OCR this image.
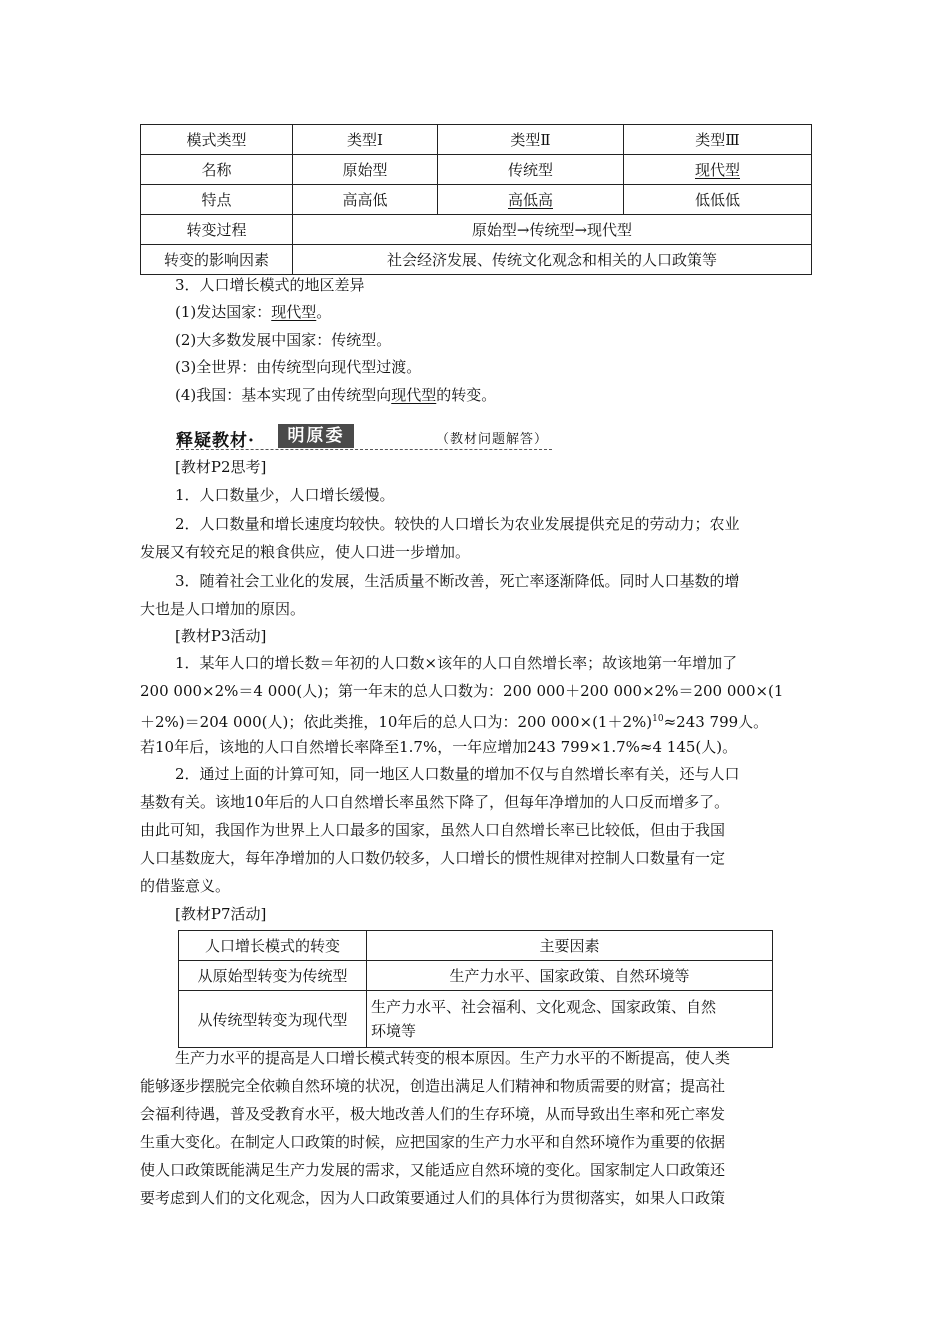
模式类型	类型Ⅰ	类型Ⅱ	类型Ⅲ
名称	原始型	传统型	现代型
特点	高高低	高低高	低低低
转变过程	原始型→传统型→现代型		
转变的影响因素	社会经济发展、传统文化观念和相关的人口政策等		
3．人口增长模式的地区差异
(1)发达国家：现代型。
(2)大多数发展中国家：传统型。
(3)全世界：由传统型向现代型过渡。
(4)我国：基本实现了由传统型向现代型的转变。
释疑教材·	明原委	（教材问题解答）
[教材P2思考]
1．人口数量少，人口增长缓慢。
2．人口数量和增长速度均较快。较快的人口增长为农业发展提供充足的劳动力；农业
发展又有较充足的粮食供应，使人口进一步增加。
3．随着社会工业化的发展，生活质量不断改善，死亡率逐渐降低。同时人口基数的增
大也是人口增加的原因。
[教材P3活动]
1．某年人口的增长数＝年初的人口数×该年的人口自然增长率；故该地第一年增加了
200 000×2%＝4 000(人)；第一年末的总人口数为：200 000＋200 000×2%＝200 000×(1
＋2%)＝204 000(人)；依此类推，10年后的总人口为：200 $000\times(1+2\%)^{10}\approx 243$ 799人。
若10年后，该地的人口自然增长率降至1.7%，一年应增加243 799×1.7%≈4 145(人)。
2．通过上面的计算可知，同一地区人口数量的增加不仅与自然增长率有关，还与人口
基数有关。该地10年后的人口自然增长率虽然下降了，但每年净增加的人口反而增多了。
由此可知，我国作为世界上人口最多的国家，虽然人口自然增长率已比较低，但由于我国
人口基数庞大，每年净增加的人口数仍较多，人口增长的惯性规律对控制人口数量有一定
的借鉴意义。
[教材P7活动]
人口增长模式的转变	主要因素
从原始型转变为传统型	生产力水平、国家政策、自然环境等
从传统型转变为现代型	生产力水平、社会福利、文化观念、国家政策、自然
环境等
生产力水平的提高是人口增长模式转变的根本原因。生产力水平的不断提高，使人类
能够逐步摆脱完全依赖自然环境的状况，创造出满足人们精神和物质需要的财富；提高社
会福利待遇，普及受教育水平，极大地改善人们的生存环境，从而导致出生率和死亡率发
生重大变化。在制定人口政策的时候，应把国家的生产力水平和自然环境作为重要的依据
使人口政策既能满足生产力发展的需求，又能适应自然环境的变化。国家制定人口政策还
要考虑到人们的文化观念，因为人口政策要通过人们的具体行为贯彻落实，如果人口政策
